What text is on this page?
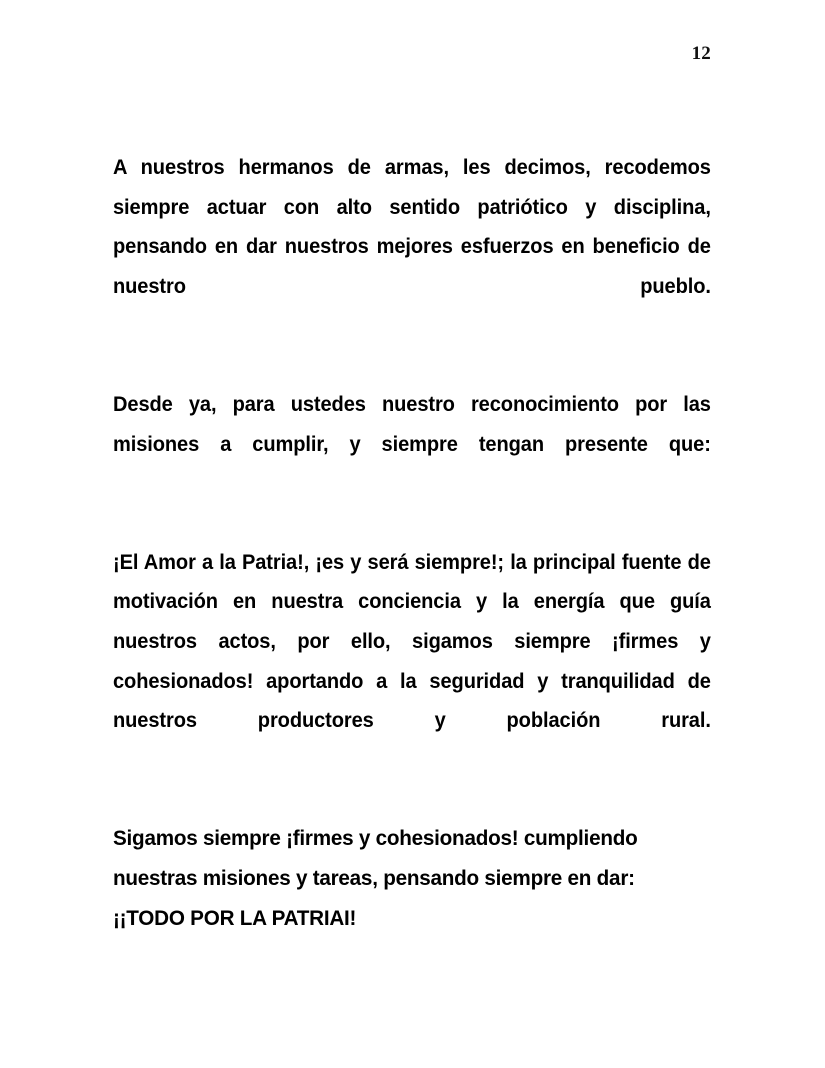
12

A nuestros hermanos de armas, les decimos, recodemos siempre actuar con alto sentido patriótico y disciplina, pensando en dar nuestros mejores esfuerzos en beneficio de nuestro pueblo.

Desde ya, para ustedes nuestro reconocimiento por las misiones a cumplir, y siempre tengan presente que:

¡El Amor a la Patria!, ¡es y será siempre!; la principal fuente de motivación en nuestra conciencia y la energía que guía nuestros actos, por ello, sigamos siempre ¡firmes y cohesionados! aportando a la seguridad y tranquilidad de nuestros productores y población rural.

Sigamos siempre ¡firmes y cohesionados! cumpliendo nuestras misiones y tareas, pensando siempre en dar:
¡¡TODO POR LA PATRIAI!
